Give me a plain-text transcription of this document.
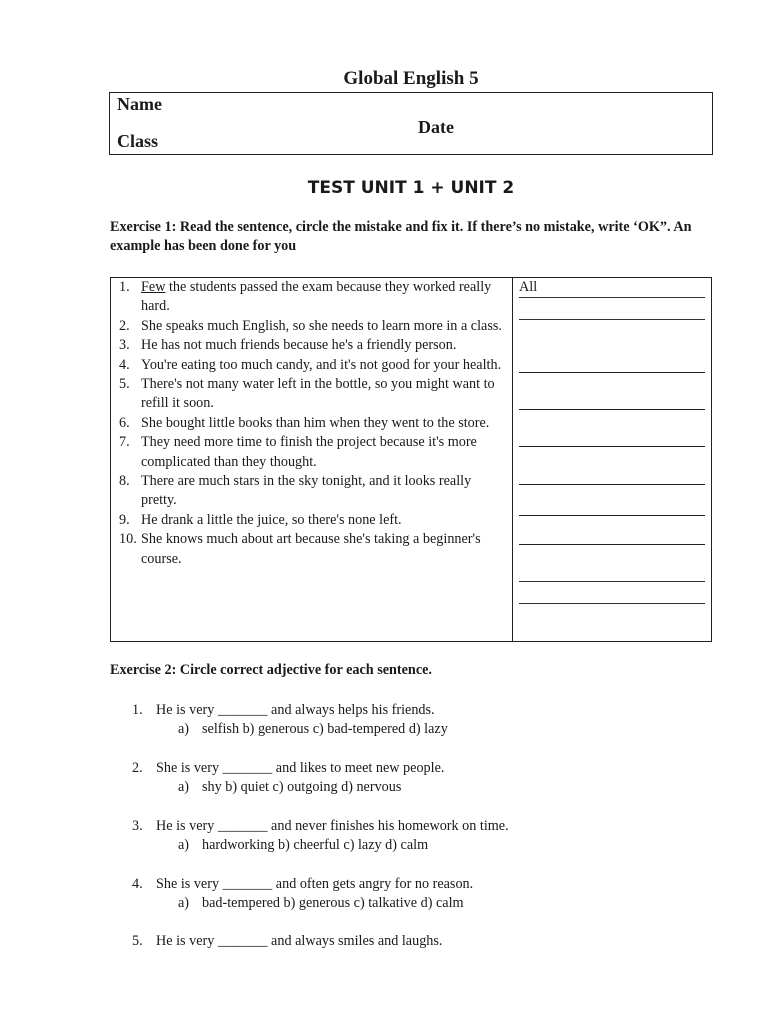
Global English 5
Name
Class
Date
TEST UNIT 1 + UNIT 2

Exercise 1: Read the sentence, circle the mistake and fix it. If there’s no mistake, write ‘OK”. An example has been done for you

1. Few the students passed the exam because they worked really hard.
2. She speaks much English, so she needs to learn more in a class.
3. He has not much friends because he's a friendly person.
4. You're eating too much candy, and it's not good for your health.
5. There's not many water left in the bottle, so you might want to refill it soon.
6. She bought little books than him when they went to the store.
7. They need more time to finish the project because it's more complicated than they thought.
8. There are much stars in the sky tonight, and it looks really pretty.
9. He drank a little the juice, so there's none left.
10. She knows much about art because she's taking a beginner's course.
All

Exercise 2: Circle correct adjective for each sentence.

1. He is very _______ and always helps his friends.
a) selfish b) generous c) bad-tempered d) lazy
2. She is very _______ and likes to meet new people.
a) shy b) quiet c) outgoing d) nervous
3. He is very _______ and never finishes his homework on time.
a) hardworking b) cheerful c) lazy d) calm
4. She is very _______ and often gets angry for no reason.
a) bad-tempered b) generous c) talkative d) calm
5. He is very _______ and always smiles and laughs.
